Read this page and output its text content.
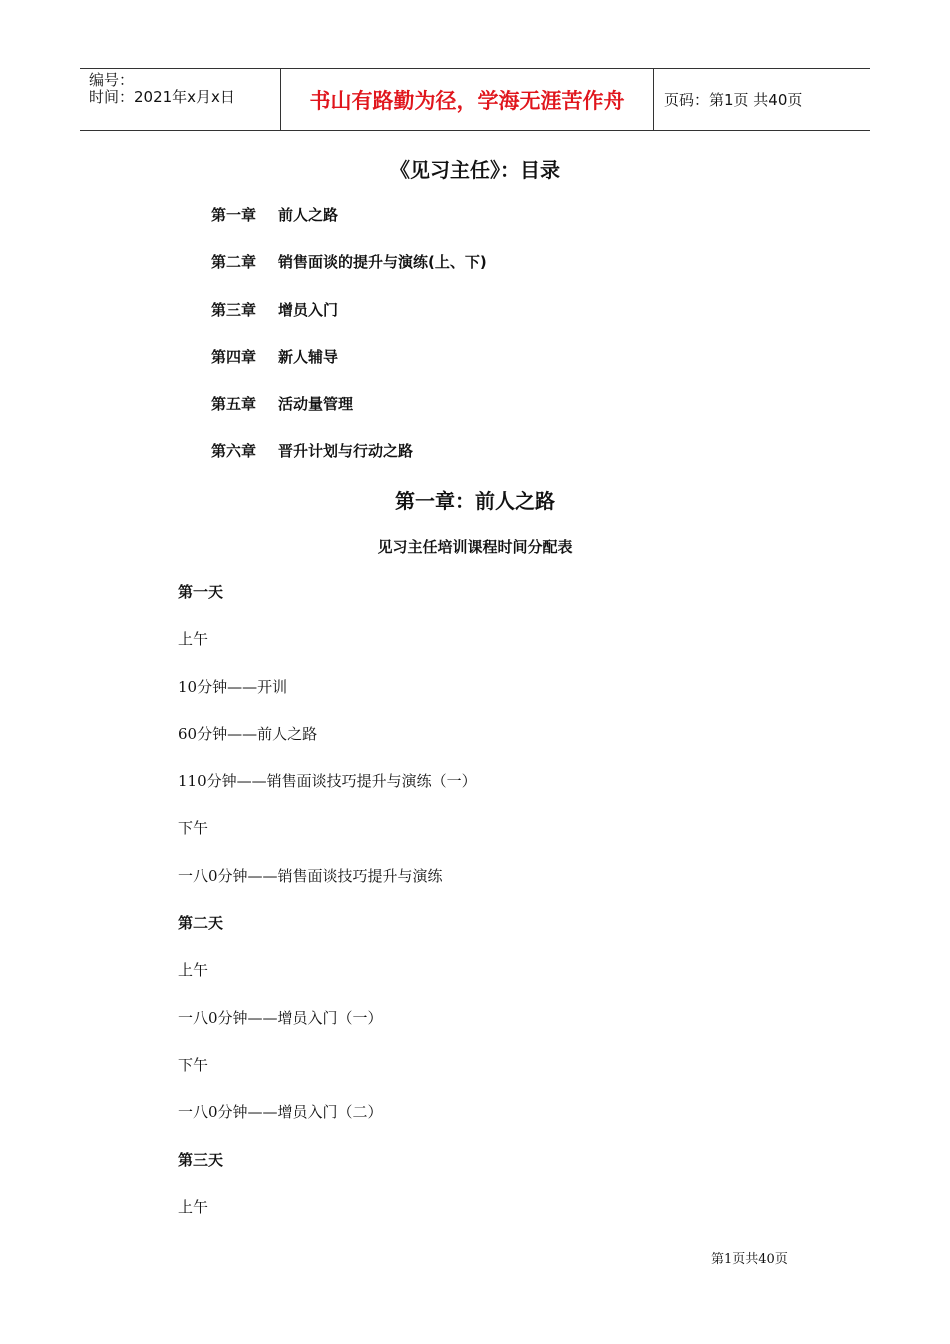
编号：
时间：2021年x月x日	书山有路勤为径，学海无涯苦作舟	页码：第1页 共40页
《见习主任》：目录
第一章 前人之路
第二章 销售面谈的提升与演练(上、下)
第三章 增员入门
第四章 新人辅导
第五章 活动量管理
第六章 晋升计划与行动之路
第一章：前人之路
见习主任培训课程时间分配表
第一天
上午
10分钟——开训
60分钟——前人之路
110分钟——销售面谈技巧提升与演练（一）
下午
一八0分钟——销售面谈技巧提升与演练
第二天
上午
一八0分钟——增员入门（一）
下午
一八0分钟——增员入门（二）
第三天
上午
第1页共40页
